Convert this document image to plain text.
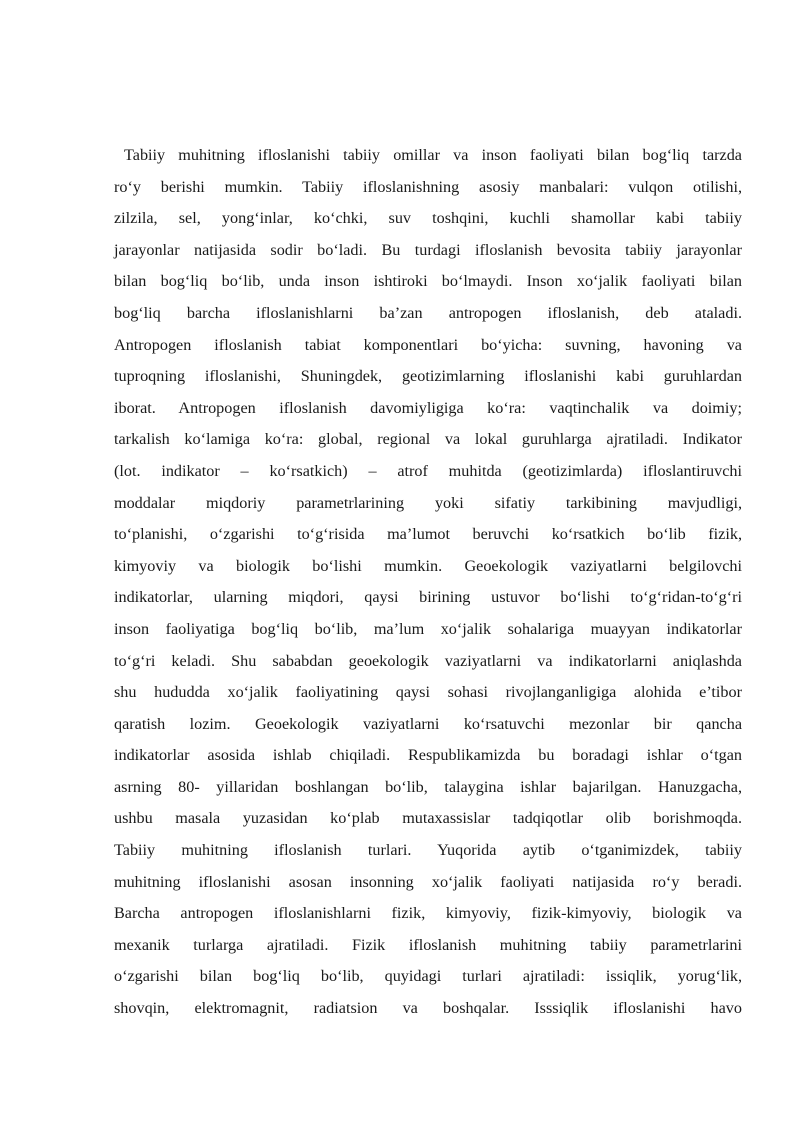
Tabiiy muhitning ifloslanishi tabiiy omillar va inson faoliyati bilan bog‘liq tarzda
ro‘y berishi mumkin. Tabiiy ifloslanishning asosiy manbalari: vulqon otilishi,
zilzila, sel, yong‘inlar, ko‘chki, suv toshqini, kuchli shamollar kabi tabiiy
jarayonlar natijasida sodir bo‘ladi. Bu turdagi ifloslanish bevosita tabiiy jarayonlar
bilan bog‘liq bo‘lib, unda inson ishtiroki bo‘lmaydi. Inson xo‘jalik faoliyati bilan
bog‘liq barcha ifloslanishlarni ba’zan antropogen ifloslanish, deb ataladi.
Antropogen ifloslanish tabiat komponentlari bo‘yicha: suvning, havoning va
tuproqning ifloslanishi, Shuningdek, geotizimlarning ifloslanishi kabi guruhlardan
iborat. Antropogen ifloslanish davomiyligiga ko‘ra: vaqtinchalik va doimiy;
tarkalish ko‘lamiga ko‘ra: global, regional va lokal guruhlarga ajratiladi. Indikator
(lot. indikator – ko‘rsatkich) – atrof muhitda (geotizimlarda) ifloslantiruvchi
moddalar miqdoriy parametrlarining yoki sifatiy tarkibining mavjudligi,
to‘planishi, o‘zgarishi to‘g‘risida ma’lumot beruvchi ko‘rsatkich bo‘lib fizik,
kimyoviy va biologik bo‘lishi mumkin. Geoekologik vaziyatlarni belgilovchi
indikatorlar, ularning miqdori, qaysi birining ustuvor bo‘lishi to‘g‘ridan-to‘g‘ri
inson faoliyatiga bog‘liq bo‘lib, ma’lum xo‘jalik sohalariga muayyan indikatorlar
to‘g‘ri keladi. Shu sababdan geoekologik vaziyatlarni va indikatorlarni aniqlashda
shu hududda xo‘jalik faoliyatining qaysi sohasi rivojlanganligiga alohida e’tibor
qaratish lozim. Geoekologik vaziyatlarni ko‘rsatuvchi mezonlar bir qancha
indikatorlar asosida ishlab chiqiladi. Respublikamizda bu boradagi ishlar o‘tgan
asrning 80- yillaridan boshlangan bo‘lib, talaygina ishlar bajarilgan. Hanuzgacha,
ushbu masala yuzasidan ko‘plab mutaxassislar tadqiqotlar olib borishmoqda.
Tabiiy muhitning ifloslanish turlari. Yuqorida aytib o‘tganimizdek, tabiiy
muhitning ifloslanishi asosan insonning xo‘jalik faoliyati natijasida ro‘y beradi.
Barcha antropogen ifloslanishlarni fizik, kimyoviy, fizik-kimyoviy, biologik va
mexanik turlarga ajratiladi. Fizik ifloslanish muhitning tabiiy parametrlarini
o‘zgarishi bilan bog‘liq bo‘lib, quyidagi turlari ajratiladi: issiqlik, yorug‘lik,
shovqin, elektromagnit, radiatsion va boshqalar. Isssiqlik ifloslanishi havo
